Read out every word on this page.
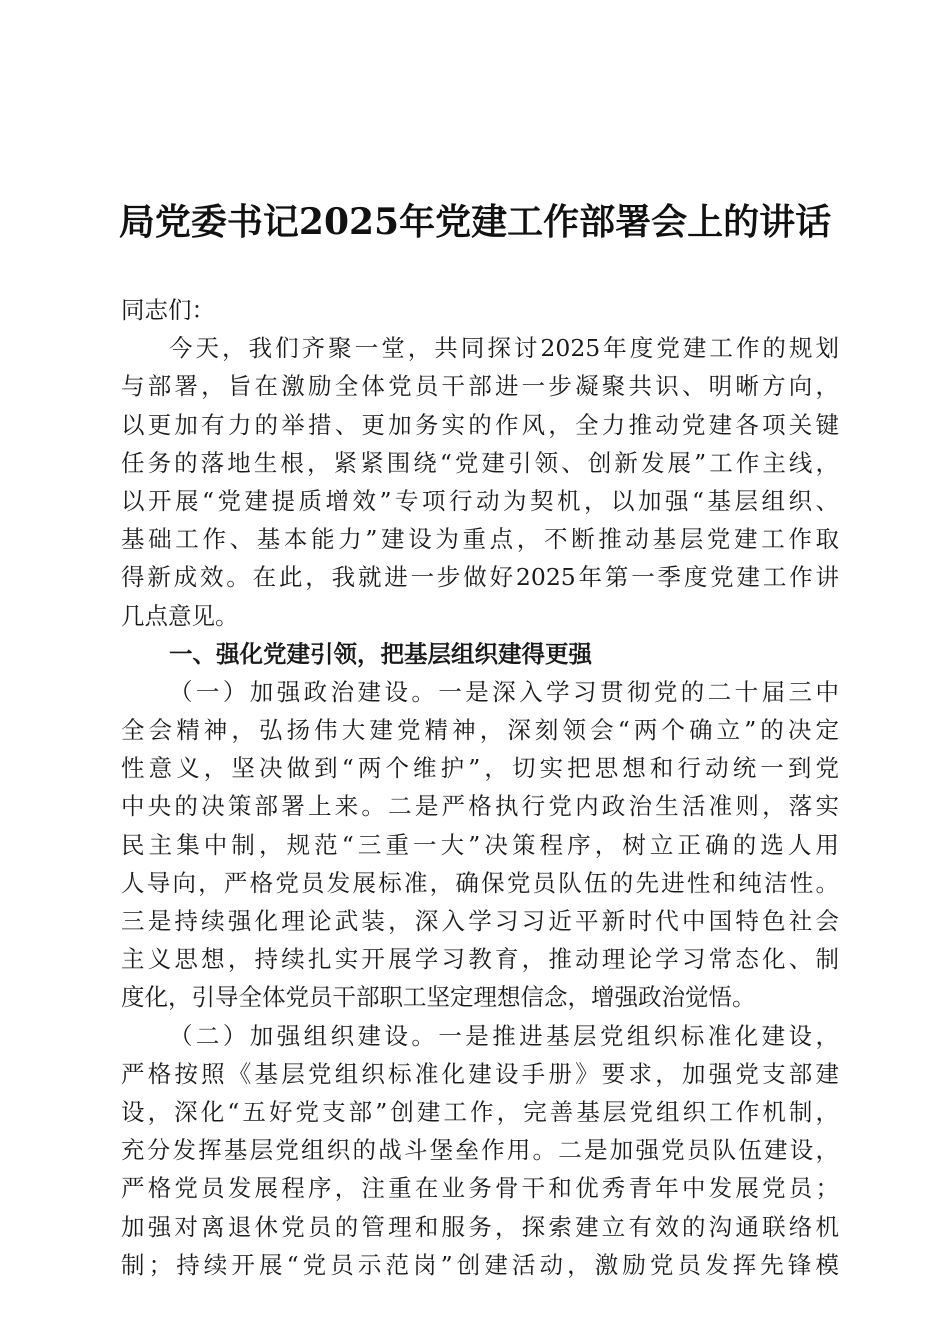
局党委书记2025年党建工作部署会上的讲话
同志们：
今天，我们齐聚一堂，共同探讨2025年度党建工作的规划
与部署，旨在激励全体党员干部进一步凝聚共识、明晰方向，
以更加有力的举措、更加务实的作风，全力推动党建各项关键
任务的落地生根，紧紧围绕“党建引领、创新发展”工作主线，
以开展“党建提质增效”专项行动为契机，以加强“基层组织、
基础工作、基本能力”建设为重点，不断推动基层党建工作取
得新成效。在此，我就进一步做好2025年第一季度党建工作讲
几点意见。
一、强化党建引领，把基层组织建得更强
（一）加强政治建设。一是深入学习贯彻党的二十届三中
全会精神，弘扬伟大建党精神，深刻领会“两个确立”的决定
性意义，坚决做到“两个维护”，切实把思想和行动统一到党
中央的决策部署上来。二是严格执行党内政治生活准则，落实
民主集中制，规范“三重一大”决策程序，树立正确的选人用
人导向，严格党员发展标准，确保党员队伍的先进性和纯洁性。
三是持续强化理论武装，深入学习习近平新时代中国特色社会
主义思想，持续扎实开展学习教育，推动理论学习常态化、制
度化，引导全体党员干部职工坚定理想信念，增强政治觉悟。
（二）加强组织建设。一是推进基层党组织标准化建设，
严格按照《基层党组织标准化建设手册》要求，加强党支部建
设，深化“五好党支部”创建工作，完善基层党组织工作机制，
充分发挥基层党组织的战斗堡垒作用。二是加强党员队伍建设，
严格党员发展程序，注重在业务骨干和优秀青年中发展党员；
加强对离退休党员的管理和服务，探索建立有效的沟通联络机
制；持续开展“党员示范岗”创建活动，激励党员发挥先锋模
